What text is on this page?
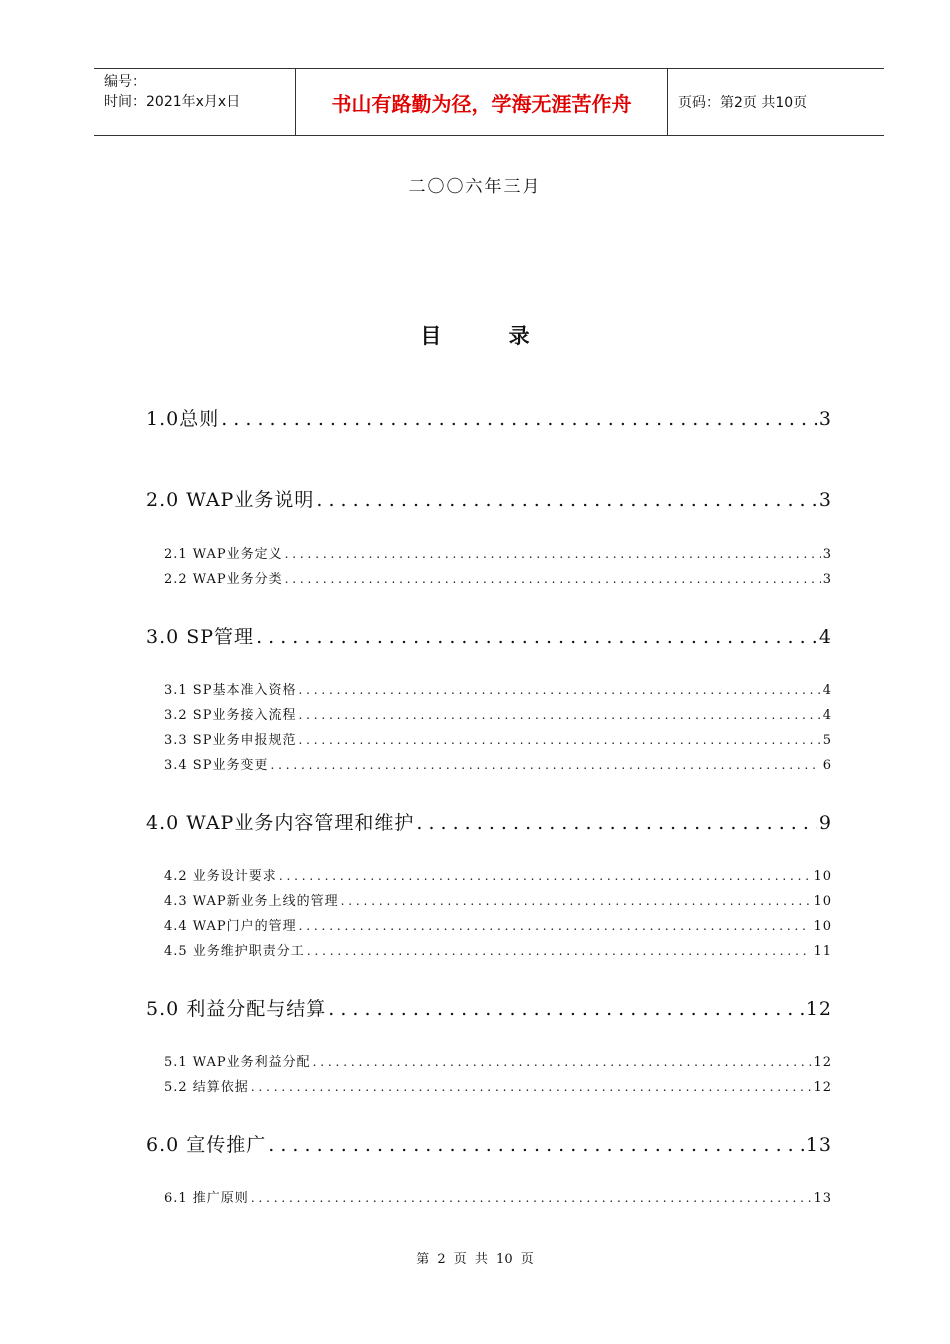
编号：
时间：2021年x月x日	书山有路勤为径，学海无涯苦作舟	页码：第2页 共10页
二〇〇六年三月
目 录
1.0总则 . . .	3
2.0 WAP业务说明 . . .	3
2.1 WAP业务定义 . . .	3
2.2 WAP业务分类 . . .	3
3.0 SP管理 . . .	4
3.1 SP基本准入资格 . . .	4
3.2 SP业务接入流程 . . .	4
3.3 SP业务申报规范 . . .	5
3.4 SP业务变更 . . .	6
4.0 WAP业务内容管理和维护 . . .	9
4.2 业务设计要求 . . .	10
4.3 WAP新业务上线的管理 . . .	10
4.4 WAP门户的管理 . . .	10
4.5 业务维护职责分工 . . .	11
5.0 利益分配与结算 . . .	12
5.1 WAP业务利益分配 . . .	12
5.2 结算依据 . . .	12
6.0 宣传推广 . . .	13
6.1 推广原则 . . .	13
第 2 页 共 10 页
